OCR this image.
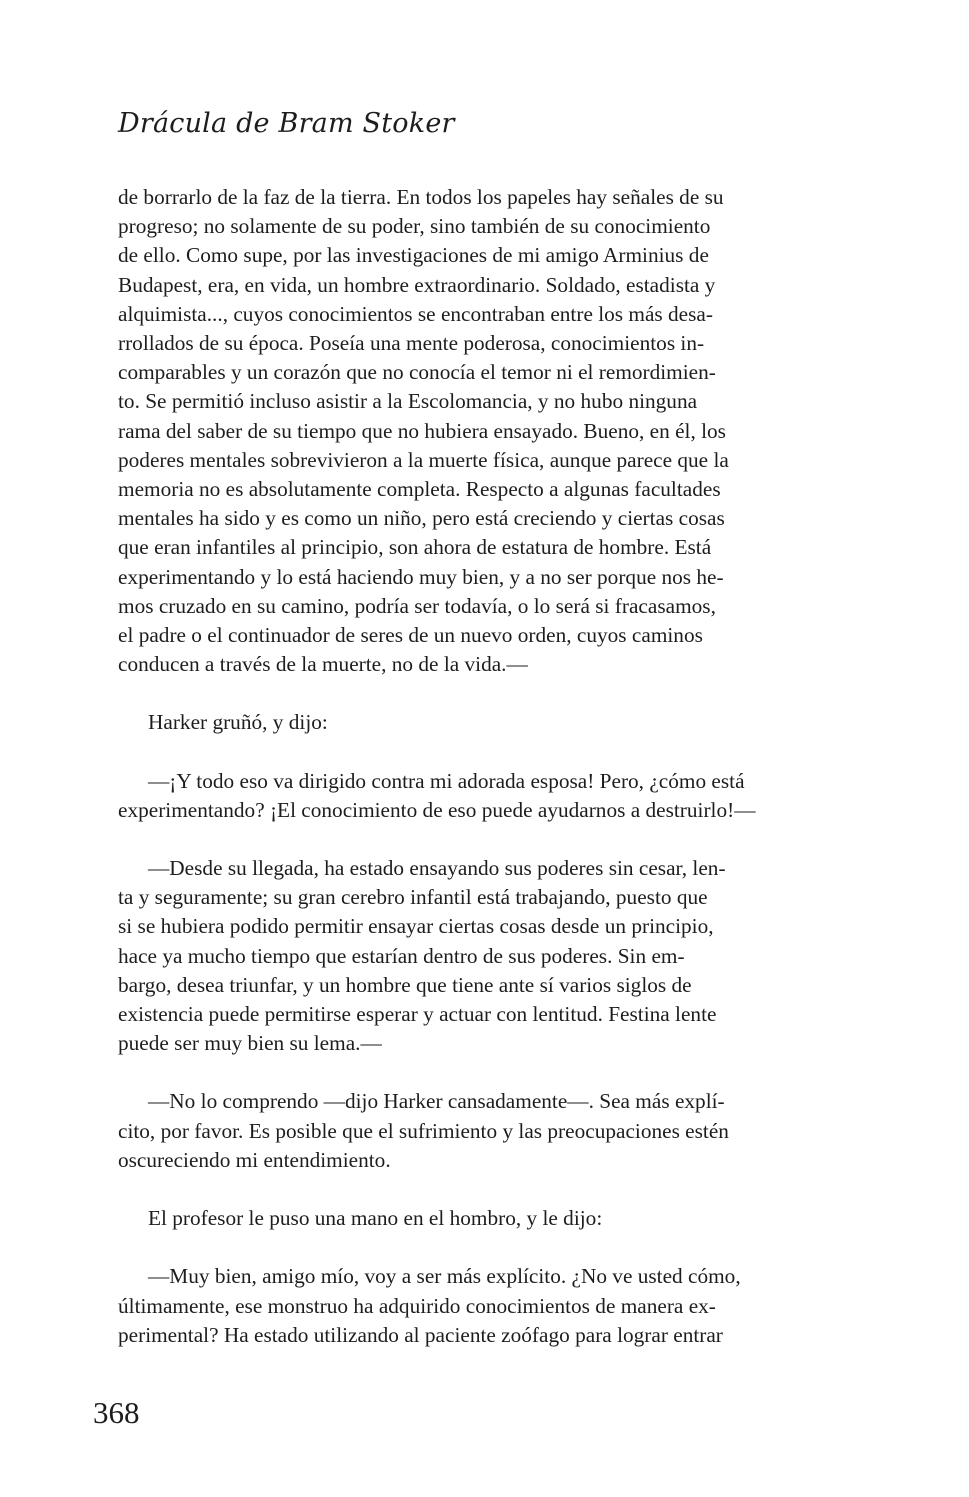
Drácula de Bram Stoker

de borrarlo de la faz de la tierra. En todos los papeles hay señales de su
progreso; no solamente de su poder, sino también de su conocimiento
de ello. Como supe, por las investigaciones de mi amigo Arminius de
Budapest, era, en vida, un hombre extraordinario. Soldado, estadista y
alquimista..., cuyos conocimientos se encontraban entre los más desa-
rrollados de su época. Poseía una mente poderosa, conocimientos in-
comparables y un corazón que no conocía el temor ni el remordimien-
to. Se permitió incluso asistir a la Escolomancia, y no hubo ninguna
rama del saber de su tiempo que no hubiera ensayado. Bueno, en él, los
poderes mentales sobrevivieron a la muerte física, aunque parece que la
memoria no es absolutamente completa. Respecto a algunas facultades
mentales ha sido y es como un niño, pero está creciendo y ciertas cosas
que eran infantiles al principio, son ahora de estatura de hombre. Está
experimentando y lo está haciendo muy bien, y a no ser porque nos he-
mos cruzado en su camino, podría ser todavía, o lo será si fracasamos,
el padre o el continuador de seres de un nuevo orden, cuyos caminos
conducen a través de la muerte, no de la vida.—

Harker gruñó, y dijo:

—¡Y todo eso va dirigido contra mi adorada esposa! Pero, ¿cómo está
experimentando? ¡El conocimiento de eso puede ayudarnos a destruirlo!—

—Desde su llegada, ha estado ensayando sus poderes sin cesar, len-
ta y seguramente; su gran cerebro infantil está trabajando, puesto que
si se hubiera podido permitir ensayar ciertas cosas desde un principio,
hace ya mucho tiempo que estarían dentro de sus poderes. Sin em-
bargo, desea triunfar, y un hombre que tiene ante sí varios siglos de
existencia puede permitirse esperar y actuar con lentitud. Festina lente
puede ser muy bien su lema.—

—No lo comprendo —dijo Harker cansadamente—. Sea más explí-
cito, por favor. Es posible que el sufrimiento y las preocupaciones estén
oscureciendo mi entendimiento.

El profesor le puso una mano en el hombro, y le dijo:

—Muy bien, amigo mío, voy a ser más explícito. ¿No ve usted cómo,
últimamente, ese monstruo ha adquirido conocimientos de manera ex-
perimental? Ha estado utilizando al paciente zoófago para lograr entrar

368
